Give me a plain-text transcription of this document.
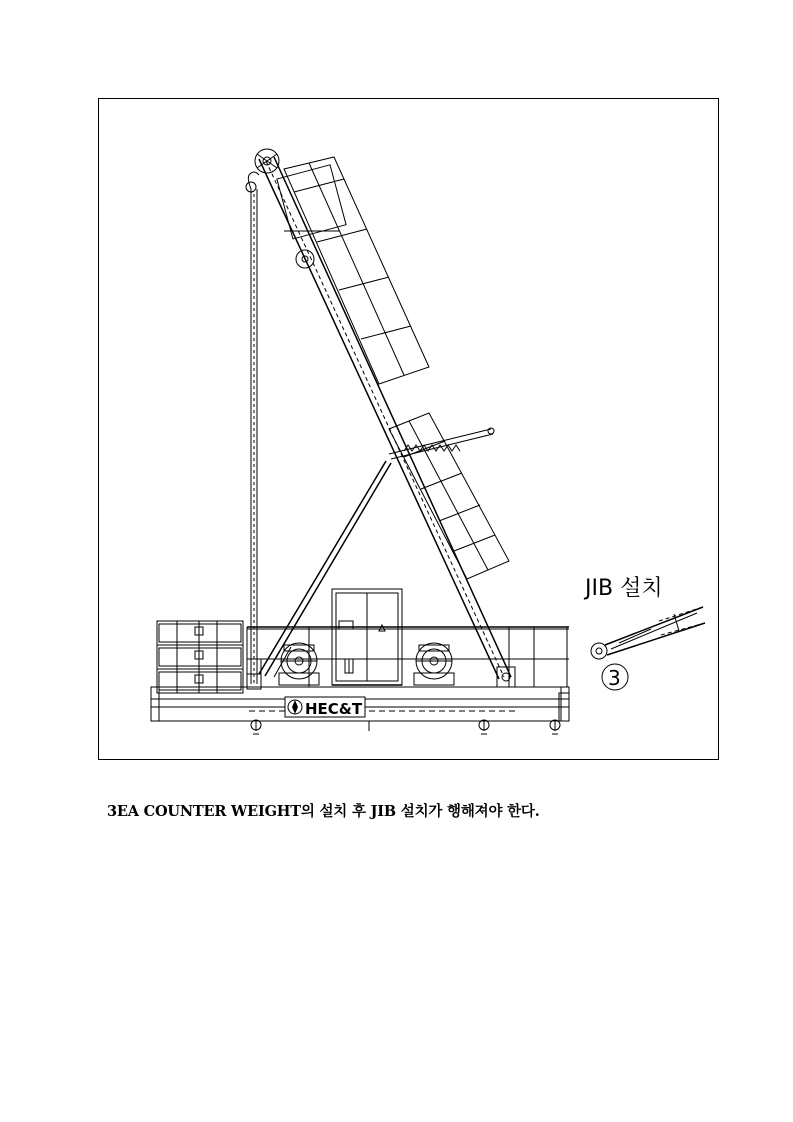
HEC&T
JIB 설치
3
3EA COUNTER WEIGHT의 설치 후 JIB 설치가 행해져야 한다.
